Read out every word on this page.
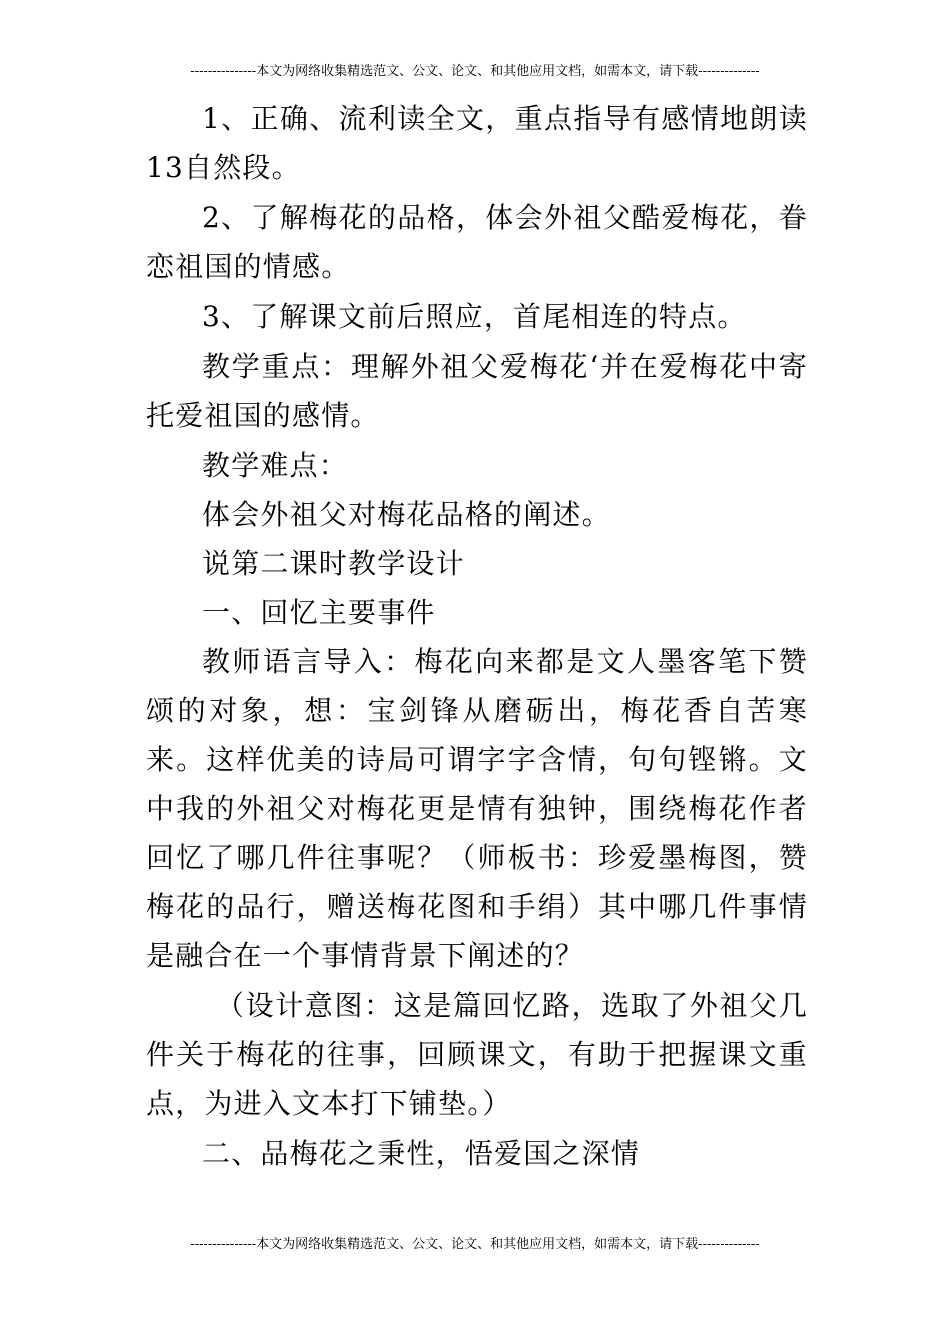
---------------本文为网络收集精选范文、公文、论文、和其他应用文档，如需本文，请下载--------------

1、正确、流利读全文，重点指导有感情地朗读13自然段。

2、了解梅花的品格，体会外祖父酷爱梅花，眷恋祖国的情感。

3、了解课文前后照应，首尾相连的特点。

教学重点：理解外祖父爱梅花‘并在爱梅花中寄托爱祖国的感情。

教学难点：

体会外祖父对梅花品格的阐述。

说第二课时教学设计

一、回忆主要事件

教师语言导入：梅花向来都是文人墨客笔下赞颂的对象，想：宝剑锋从磨砺出，梅花香自苦寒来。这样优美的诗局可谓字字含情，句句铿锵。文中我的外祖父对梅花更是情有独钟，围绕梅花作者回忆了哪几件往事呢？（师板书：珍爱墨梅图，赞梅花的品行，赠送梅花图和手绢）其中哪几件事情是融合在一个事情背景下阐述的？

（设计意图：这是篇回忆路，选取了外祖父几件关于梅花的往事，回顾课文，有助于把握课文重点，为进入文本打下铺垫。）

二、品梅花之秉性，悟爱国之深情

---------------本文为网络收集精选范文、公文、论文、和其他应用文档，如需本文，请下载--------------
